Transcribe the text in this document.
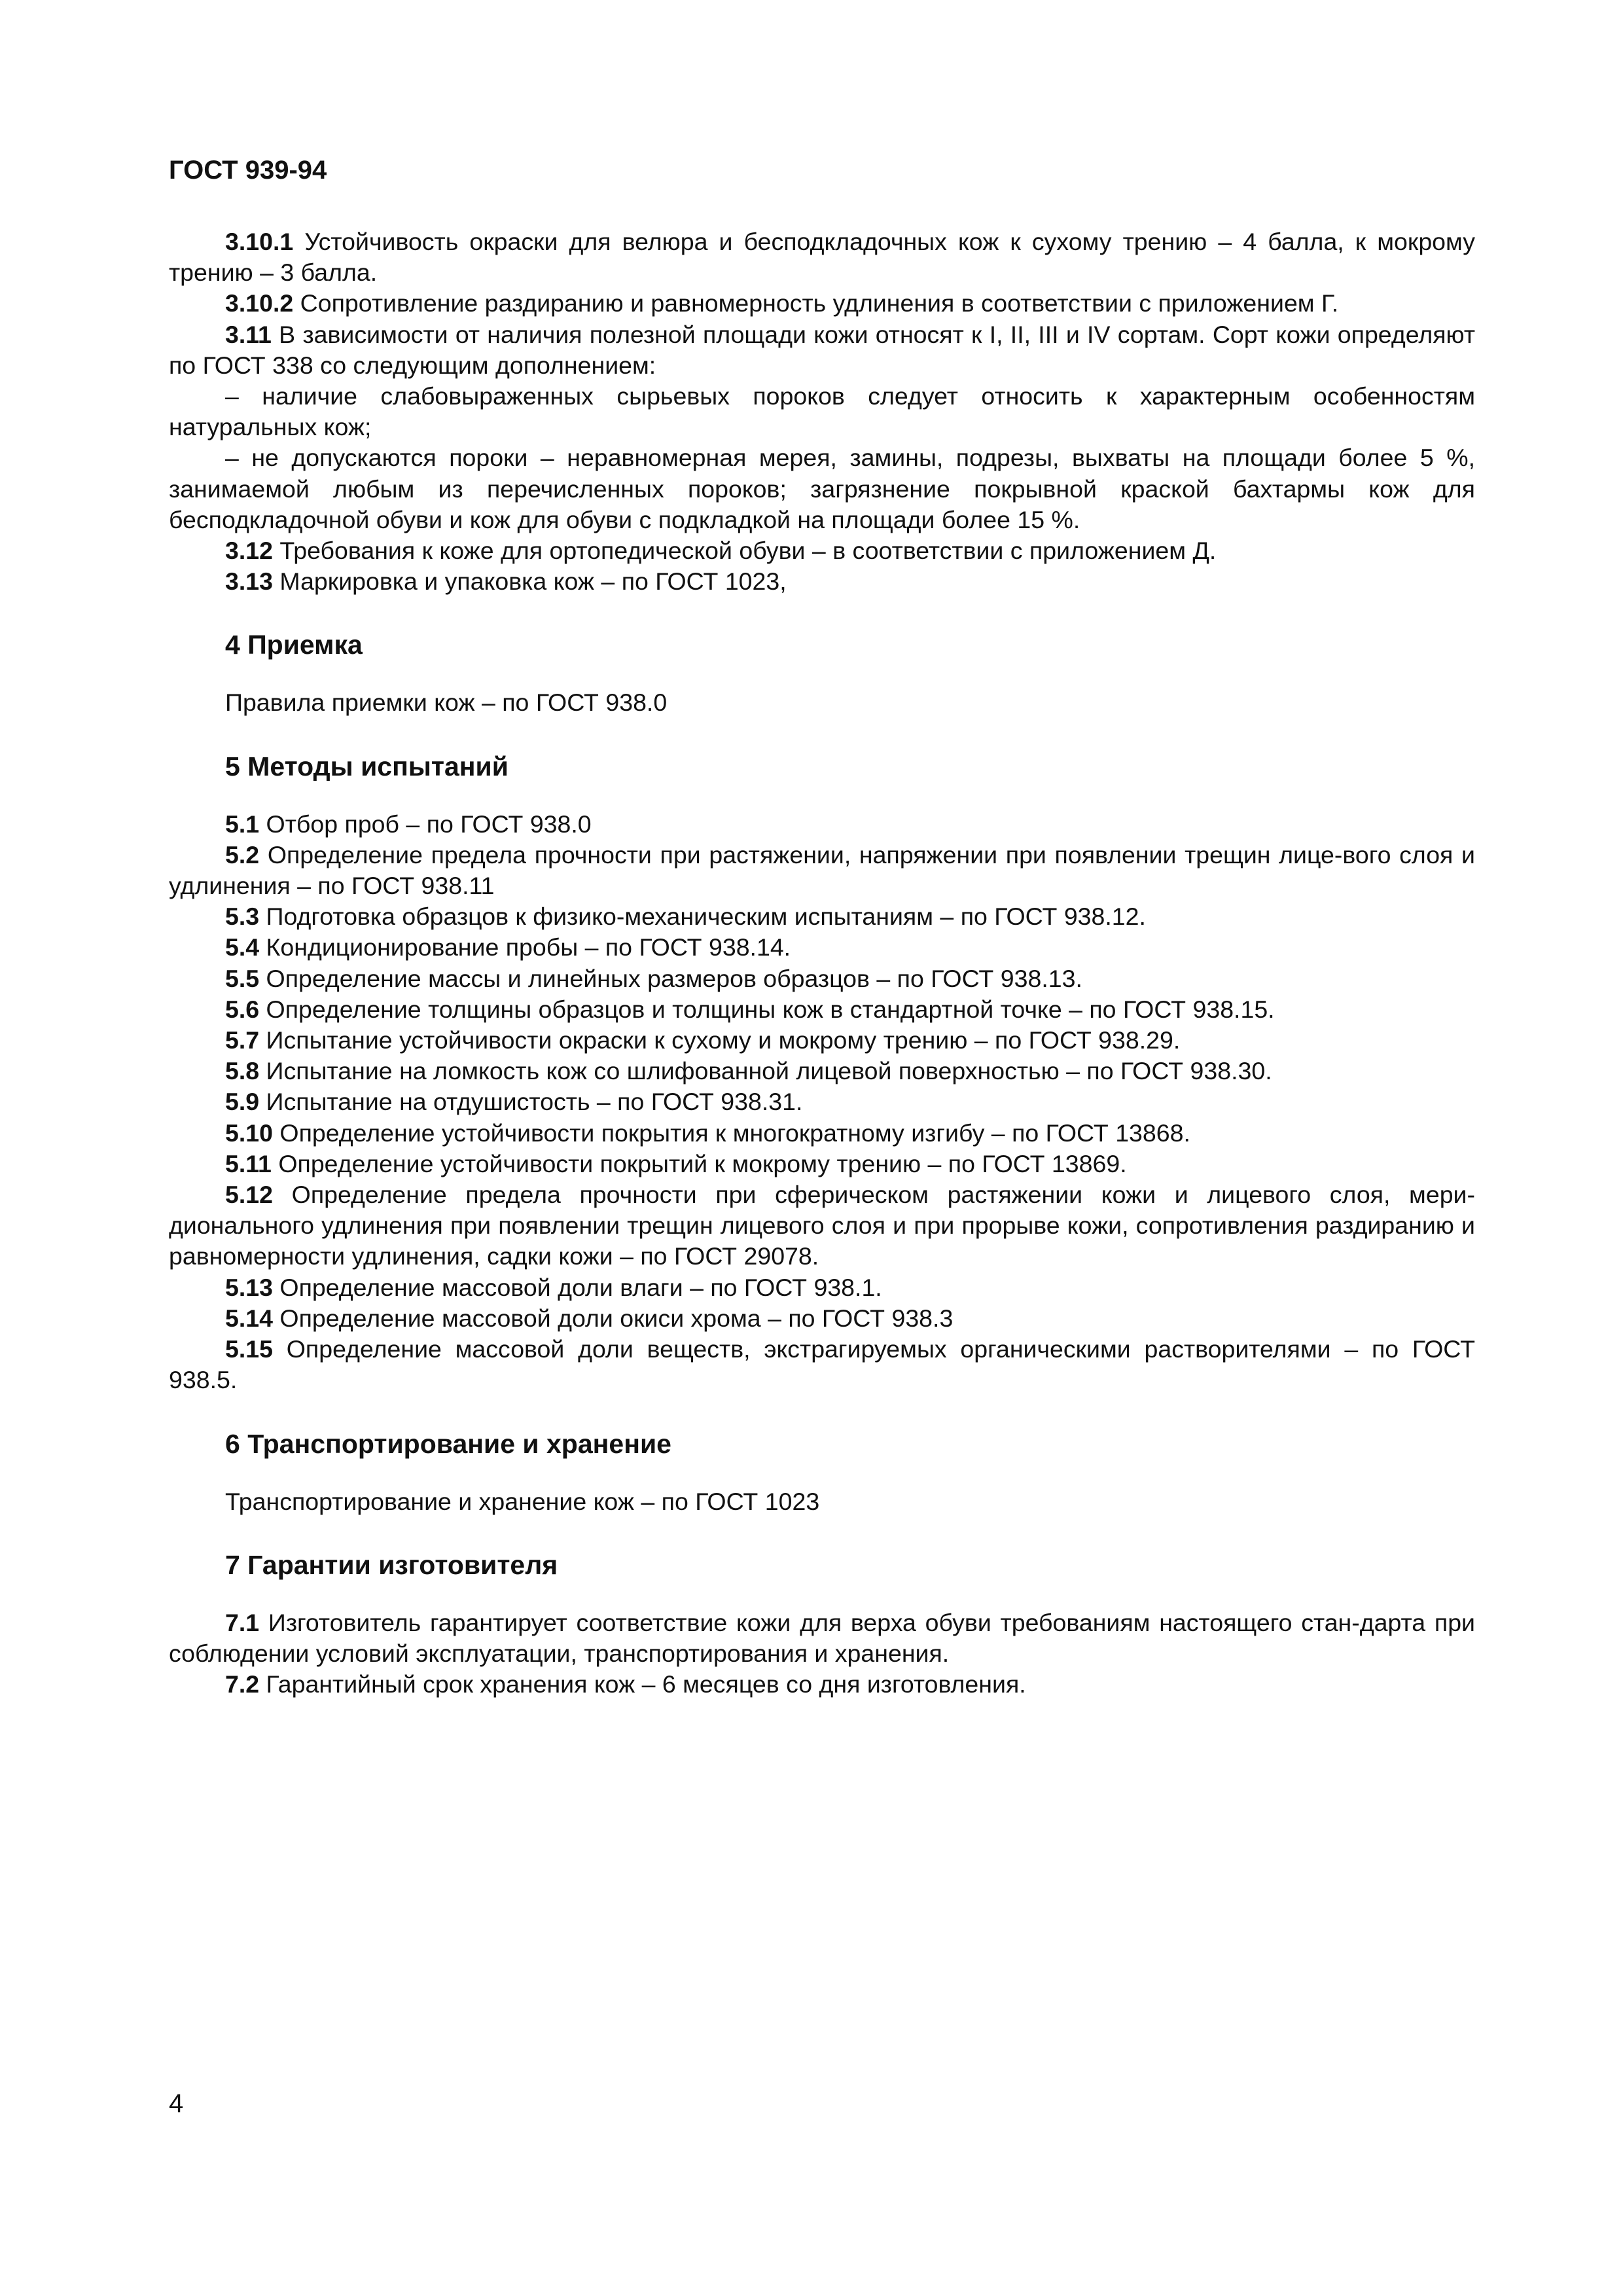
ГОСТ 939-94

3.10.1 Устойчивость окраски для велюра и бесподкладочных кож к сухому трению – 4 балла, к мокрому трению – 3 балла.

3.10.2 Сопротивление раздиранию и равномерность удлинения в соответствии с приложением Г.

3.11 В зависимости от наличия полезной площади кожи относят к I, II, III и IV сортам. Сорт кожи определяют по ГОСТ 338 со следующим дополнением:

– наличие слабовыраженных сырьевых пороков следует относить к характерным особенностям натуральных кож;

– не допускаются пороки – неравномерная мерея, замины, подрезы, выхваты на площади более 5 %, занимаемой любым из перечисленных пороков; загрязнение покрывной краской бахтармы кож для бесподкладочной обуви и кож для обуви с подкладкой на площади более 15 %.

3.12 Требования к коже для ортопедической обуви – в соответствии с приложением Д.

3.13 Маркировка и упаковка кож – по ГОСТ 1023,

4 Приемка

Правила приемки кож – по ГОСТ 938.0

5 Методы испытаний

5.1 Отбор проб – по ГОСТ 938.0

5.2 Определение предела прочности при растяжении, напряжении при появлении трещин лице-вого слоя и удлинения – по ГОСТ 938.11

5.3 Подготовка образцов к физико-механическим испытаниям – по ГОСТ 938.12.

5.4 Кондиционирование пробы – по ГОСТ 938.14.

5.5 Определение массы и линейных размеров образцов – по ГОСТ 938.13.

5.6 Определение толщины образцов и толщины кож в стандартной точке – по ГОСТ 938.15.

5.7 Испытание устойчивости окраски к сухому и мокрому трению – по ГОСТ 938.29.

5.8 Испытание на ломкость кож со шлифованной лицевой поверхностью – по ГОСТ 938.30.

5.9 Испытание на отдушистость – по ГОСТ 938.31.

5.10 Определение устойчивости покрытия к многократному изгибу – по ГОСТ 13868.

5.11 Определение устойчивости покрытий к мокрому трению – по ГОСТ 13869.

5.12 Определение предела прочности при сферическом растяжении кожи и лицевого слоя, мери-дионального удлинения при появлении трещин лицевого слоя и при прорыве кожи, сопротивления раздиранию и равномерности удлинения, садки кожи – по ГОСТ 29078.

5.13 Определение массовой доли влаги – по ГОСТ 938.1.

5.14 Определение массовой доли окиси хрома – по ГОСТ 938.3

5.15 Определение массовой доли веществ, экстрагируемых органическими растворителями – по ГОСТ 938.5.

6 Транспортирование и хранение

Транспортирование и хранение кож – по ГОСТ 1023

7 Гарантии изготовителя

7.1 Изготовитель гарантирует соответствие кожи для верха обуви требованиям настоящего стан-дарта при соблюдении условий эксплуатации, транспортирования и хранения.

7.2 Гарантийный срок хранения кож – 6 месяцев со дня изготовления.

4
